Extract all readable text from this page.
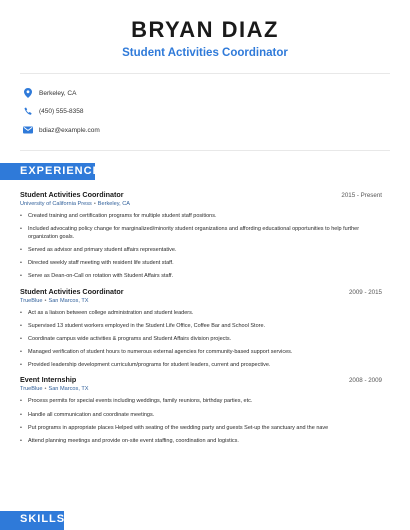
BRYAN DIAZ
Student Activities Coordinator
Berkeley, CA
(450) 555-8358
bdiaz@example.com
EXPERIENCE
Student Activities Coordinator	2015 - Present
University of California Press • Berkeley, CA
• Created training and certification programs for multiple student staff positions.
• Included advocating policy change for marginalized/minority student organizations and affording educational opportunities to help further organization goals.
• Served as advisor and primary student affairs representative.
• Directed weekly staff meeting with resident life student staff.
• Serve as Dean-on-Call on rotation with Student Affairs staff.
Student Activities Coordinator	2009 - 2015
TrueBlue • San Marcos, TX
• Act as a liaison between college administration and student leaders.
• Supervised 13 student workers employed in the Student Life Office, Coffee Bar and School Store.
• Coordinate campus wide activities & programs and Student Affairs division projects.
• Managed verification of student hours to numerous external agencies for community-based support services.
• Provided leadership development curriculum/programs for student leaders, current and prospective.
Event Internship	2008 - 2009
TrueBlue • San Marcos, TX
• Process permits for special events including weddings, family reunions, birthday parties, etc.
• Handle all communication and coordinate meetings.
• Put programs in appropriate places Helped with seating of the wedding party and guests Set-up the sanctuary and the nave
• Attend planning meetings and provide on-site event staffing, coordination and logistics.
SKILLS
